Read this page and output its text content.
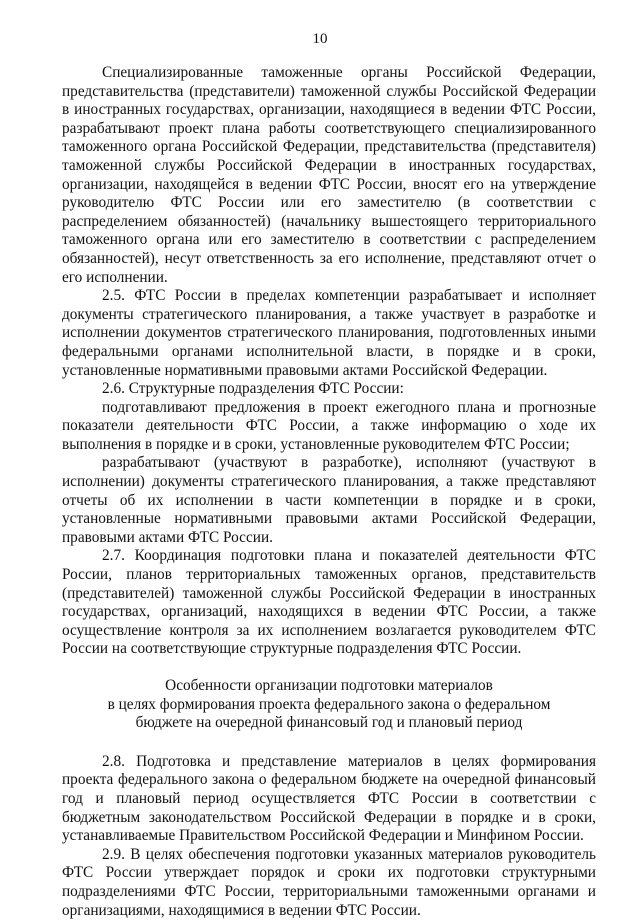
10

Специализированные таможенные органы Российской Федерации, представительства (представители) таможенной службы Российской Федерации в иностранных государствах, организации, находящиеся в ведении ФТС России, разрабатывают проект плана работы соответствующего специализированного таможенного органа Российской Федерации, представительства (представителя) таможенной службы Российской Федерации в иностранных государствах, организации, находящейся в ведении ФТС России, вносят его на утверждение руководителю ФТС России или его заместителю (в соответствии с распределением обязанностей) (начальнику вышестоящего территориального таможенного органа или его заместителю в соответствии с распределением обязанностей), несут ответственность за его исполнение, представляют отчет о его исполнении.

2.5. ФТС России в пределах компетенции разрабатывает и исполняет документы стратегического планирования, а также участвует в разработке и исполнении документов стратегического планирования, подготовленных иными федеральными органами исполнительной власти, в порядке и в сроки, установленные нормативными правовыми актами Российской Федерации.

2.6. Структурные подразделения ФТС России:

подготавливают предложения в проект ежегодного плана и прогнозные показатели деятельности ФТС России, а также информацию о ходе их выполнения в порядке и в сроки, установленные руководителем ФТС России;

разрабатывают (участвуют в разработке), исполняют (участвуют в исполнении) документы стратегического планирования, а также представляют отчеты об их исполнении в части компетенции в порядке и в сроки, установленные нормативными правовыми актами Российской Федерации, правовыми актами ФТС России.

2.7. Координация подготовки плана и показателей деятельности ФТС России, планов территориальных таможенных органов, представительств (представителей) таможенной службы Российской Федерации в иностранных государствах, организаций, находящихся в ведении ФТС России, а также осуществление контроля за их исполнением возлагается руководителем ФТС России на соответствующие структурные подразделения ФТС России.

Особенности организации подготовки материалов
в целях формирования проекта федерального закона о федеральном
бюджете на очередной финансовый год и плановый период

2.8. Подготовка и представление материалов в целях формирования проекта федерального закона о федеральном бюджете на очередной финансовый год и плановый период осуществляется ФТС России в соответствии с бюджетным законодательством Российской Федерации в порядке и в сроки, устанавливаемые Правительством Российской Федерации и Минфином России.

2.9. В целях обеспечения подготовки указанных материалов руководитель ФТС России утверждает порядок и сроки их подготовки структурными подразделениями ФТС России, территориальными таможенными органами и организациями, находящимися в ведении ФТС России.
